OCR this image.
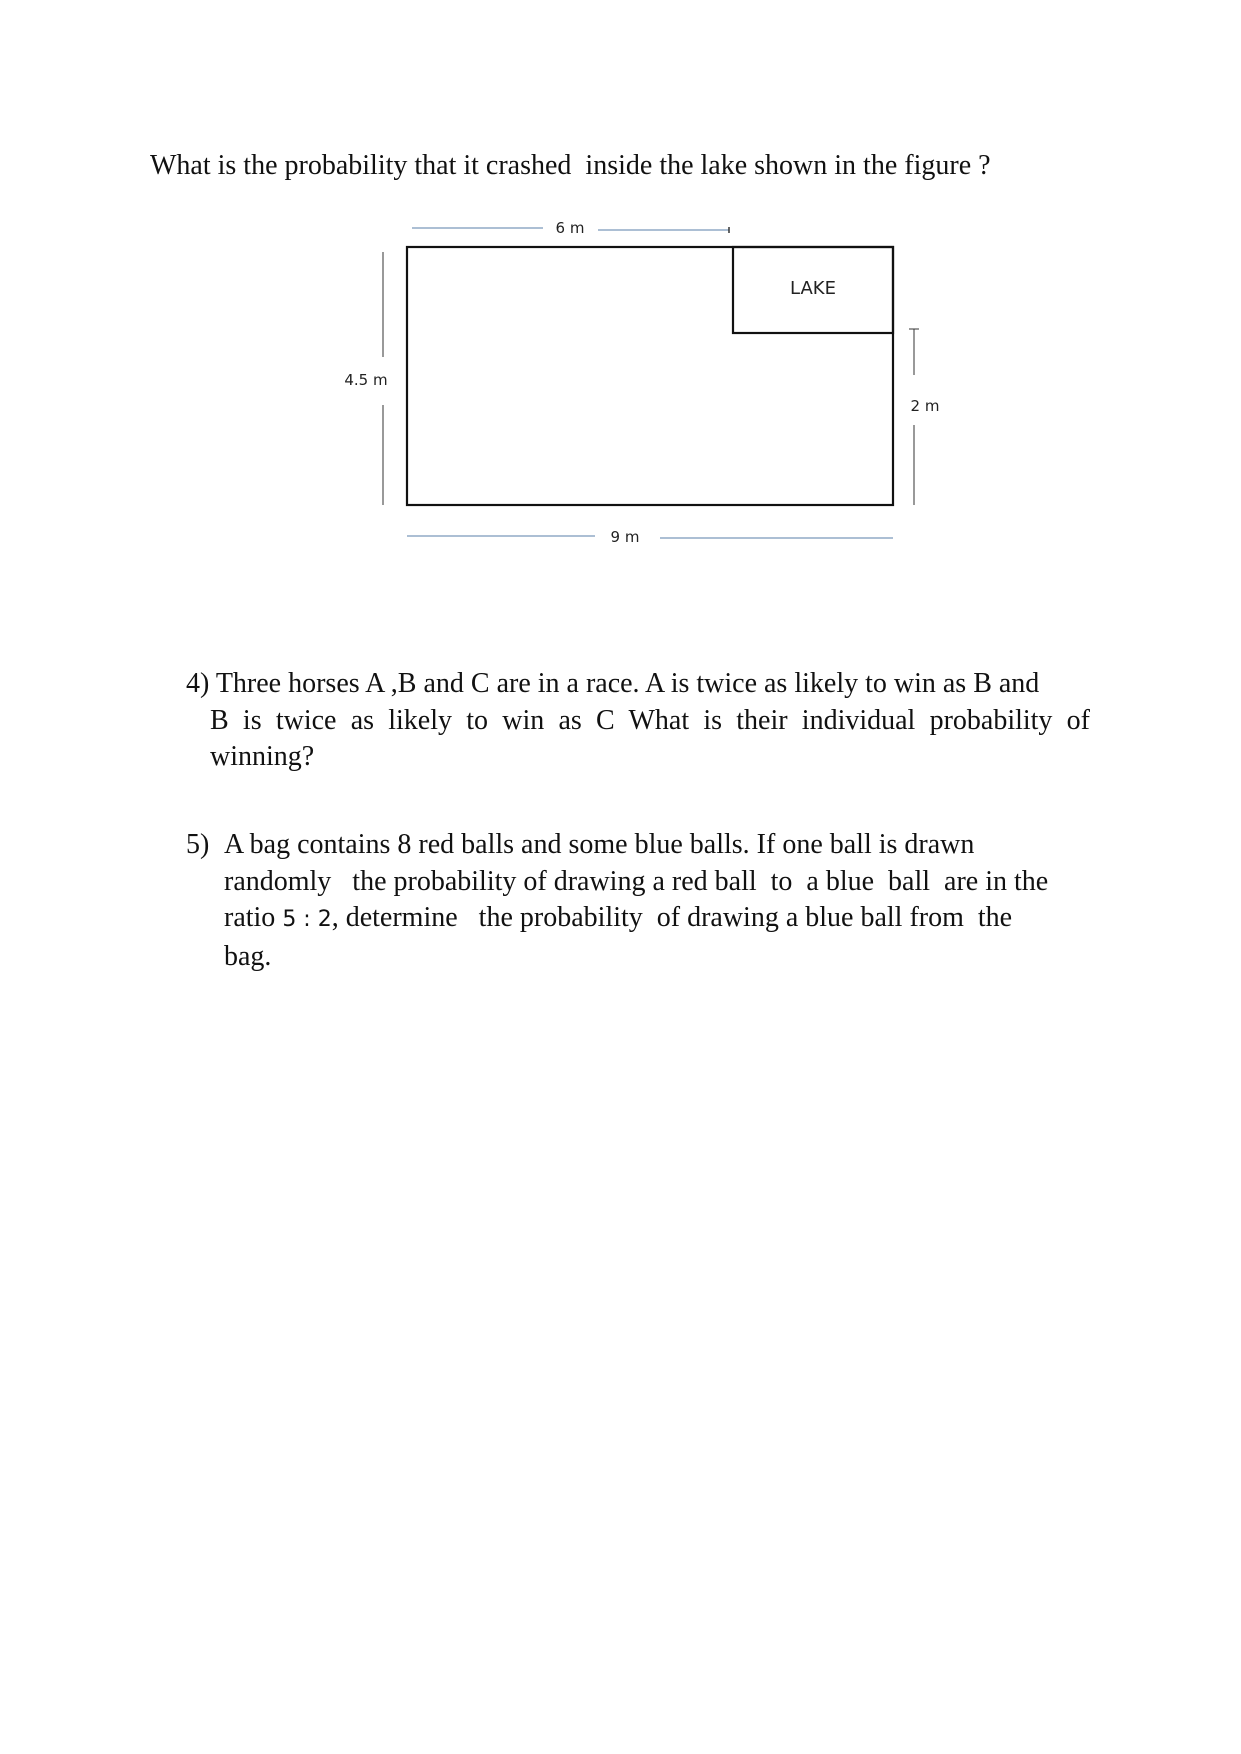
What is the probability that it crashed  inside the lake shown in the figure ?

6 m
LAKE
4.5 m
2 m
9 m
4) Three horses A ,B and C are in a race. A is twice as likely to win as B and
B is twice as likely to win as C What is their individual probability of
winning?
5) A bag contains 8 red balls and some blue balls. If one ball is drawn
randomly   the probability of drawing a red ball  to  a blue  ball  are in the
ratio 5 : 2, determine   the probability  of drawing a blue ball from  the
bag.
